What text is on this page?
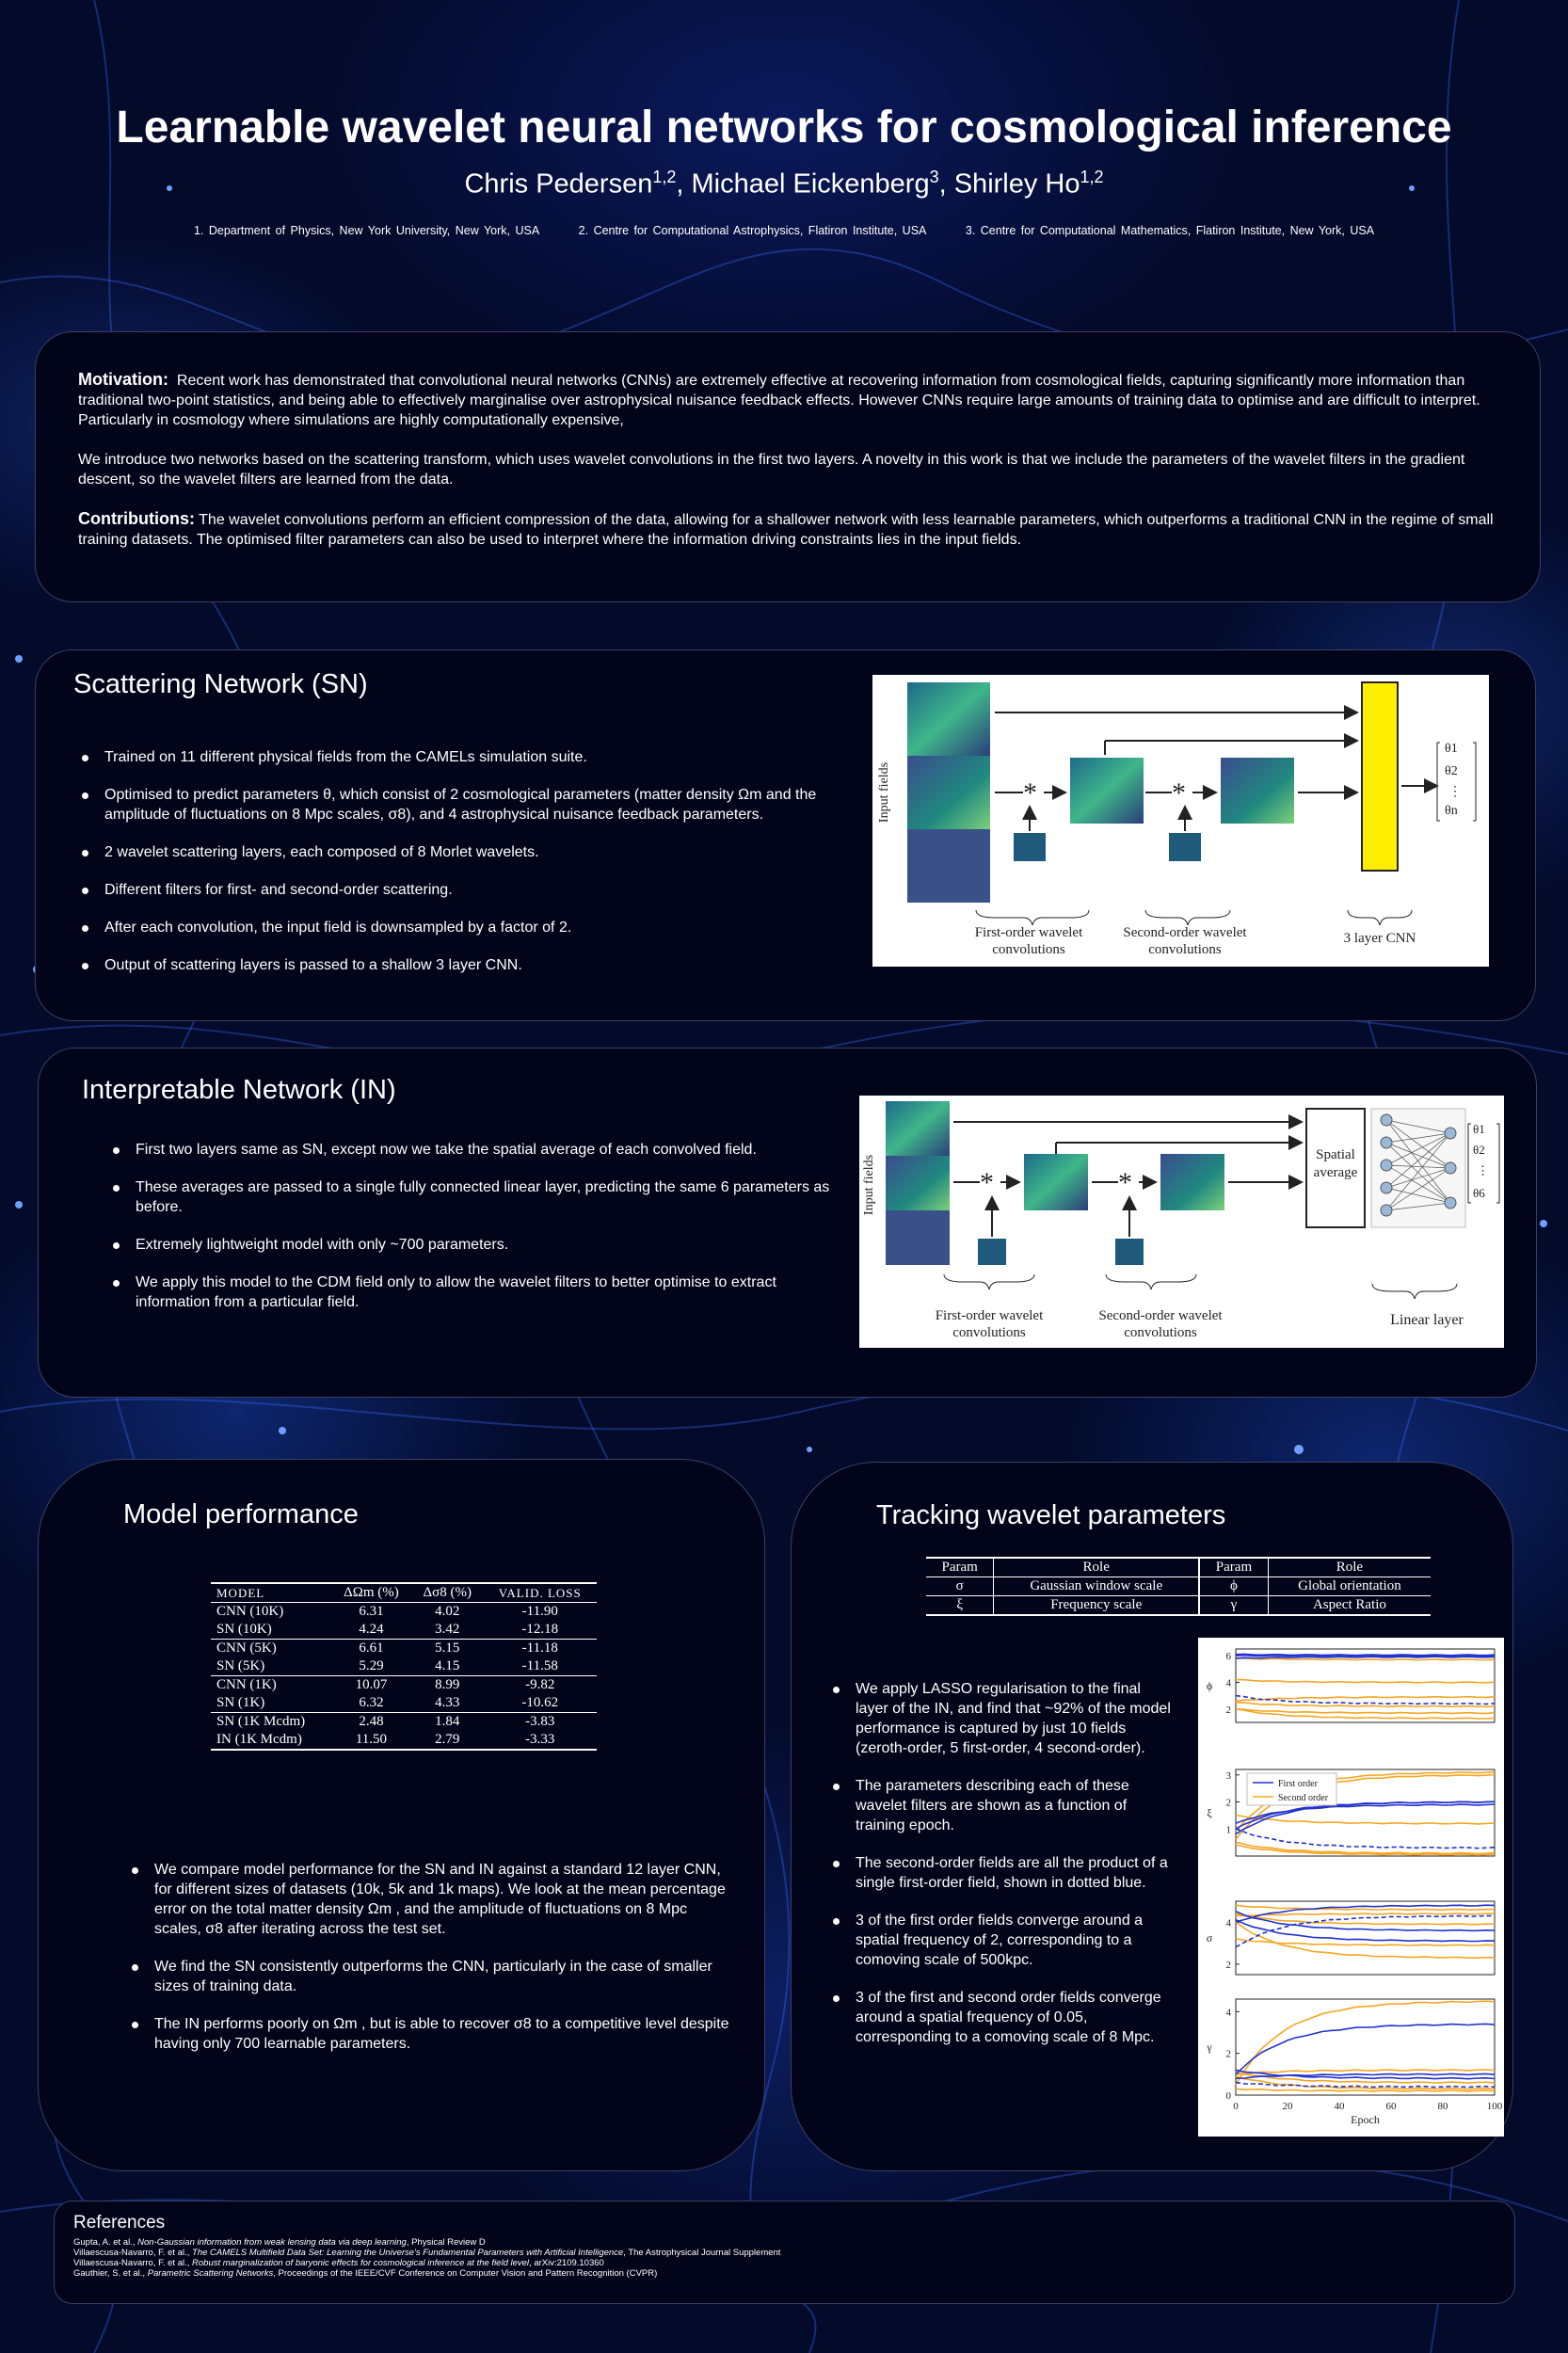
Learnable wavelet neural networks for cosmological inference
Chris Pedersen$^{1,2}$, Michael Eickenberg$^3$, Shirley Ho$^{1,2}$
1. Department of Physics, New York University, New York, USA	2. Centre for Computational Astrophysics, Flatiron Institute, USA	3. Centre for Computational Mathematics, Flatiron Institute, New York, USA

Motivation: Recent work has demonstrated that convolutional neural networks (CNNs) are extremely effective at recovering information from cosmological fields, capturing significantly more information than traditional two-point statistics, and being able to effectively marginalise over astrophysical nuisance feedback effects. However CNNs require large amounts of training data to optimise and are difficult to interpret. Particularly in cosmology where simulations are highly computationally expensive,

We introduce two networks based on the scattering transform, which uses wavelet convolutions in the first two layers. A novelty in this work is that we include the parameters of the wavelet filters in the gradient descent, so the wavelet filters are learned from the data.

Contributions: The wavelet convolutions perform an efficient compression of the data, allowing for a shallower network with less learnable parameters, which outperforms a traditional CNN in the regime of small training datasets. The optimised filter parameters can also be used to interpret where the information driving constraints lies in the input fields.

Scattering Network (SN)
Trained on 11 different physical fields from the CAMELs simulation suite.
Optimised to predict parameters θ, which consist of 2 cosmological parameters (matter density Ωm and the amplitude of fluctuations on 8 Mpc scales, σ8), and 4 astrophysical nuisance feedback parameters.
2 wavelet scattering layers, each composed of 8 Morlet wavelets.
Different filters for first- and second-order scattering.
After each convolution, the input field is downsampled by a factor of 2.
Output of scattering layers is passed to a shallow 3 layer CNN.
Input fields	*	*
θ1
θ2
⋮
θn
First-order wavelet
convolutions
Second-order wavelet
convolutions
3 layer CNN
Interpretable Network (IN)
First two layers same as SN, except now we take the spatial average of each convolved field.
These averages are passed to a single fully connected linear layer, predicting the same 6 parameters as before.
Extremely lightweight model with only ~700 parameters.
We apply this model to the CDM field only to allow the wavelet filters to better optimise to extract information from a particular field.
Input fields	*	*
Spatial
average
θ1
θ2
⋮
θ6
First-order wavelet
convolutions
Second-order wavelet
convolutions
Linear layer
Model performance
MODEL	ΔΩm (%)	Δσ8 (%)	VALID. LOSS
CNN (10K)	6.31	4.02	-11.90
SN (10K)	4.24	3.42	-12.18
CNN (5K)	6.61	5.15	-11.18
SN (5K)	5.29	4.15	-11.58
CNN (1K)	10.07	8.99	-9.82
SN (1K)	6.32	4.33	-10.62
SN (1K Mcdm)	2.48	1.84	-3.83
IN (1K Mcdm)	11.50	2.79	-3.33
We compare model performance for the SN and IN against a standard 12 layer CNN, for different sizes of datasets (10k, 5k and 1k maps). We look at the mean percentage error on the total matter density Ωm , and the amplitude of fluctuations on 8 Mpc scales, σ8 after iterating across the test set.
We find the SN consistently outperforms the CNN, particularly in the case of smaller sizes of training data.
The IN performs poorly on Ωm , but is able to recover σ8 to a competitive level despite having only 700 learnable parameters.
Tracking wavelet parameters
Param	Role	Param	Role
σ	Gaussian window scale	ϕ	Global orientation
ξ	Frequency scale	γ	Aspect Ratio
We apply LASSO regularisation to the final layer of the IN, and find that ~92% of the model performance is captured by just 10 fields (zeroth-order, 5 first-order, 4 second-order).
The parameters describing each of these wavelet filters are shown as a function of training epoch.
The second-order fields are all the product of a single first-order field, shown in dotted blue.
3 of the first order fields converge around a spatial frequency of 2, corresponding to a comoving scale of 500kpc.
3 of the first and second order fields converge around a spatial frequency of 0.05, corresponding to a comoving scale of 8 Mpc.
ϕ
6
4
2
ξ
3
2
1
First order
Second order
σ
4
2
γ
4
2
0
0	20	40	60	80	100
Epoch
References
Gupta, A. et al., Non-Gaussian information from weak lensing data via deep learning, Physical Review D
Villaescusa-Navarro, F. et al., The CAMELS Multifield Data Set: Learning the Universe's Fundamental Parameters with Artificial Intelligence, The Astrophysical Journal Supplement
Villaescusa-Navarro, F. et al., Robust marginalization of baryonic effects for cosmological inference at the field level, arXiv:2109.10360
Gauthier, S. et al., Parametric Scattering Networks, Proceedings of the IEEE/CVF Conference on Computer Vision and Pattern Recognition (CVPR)
